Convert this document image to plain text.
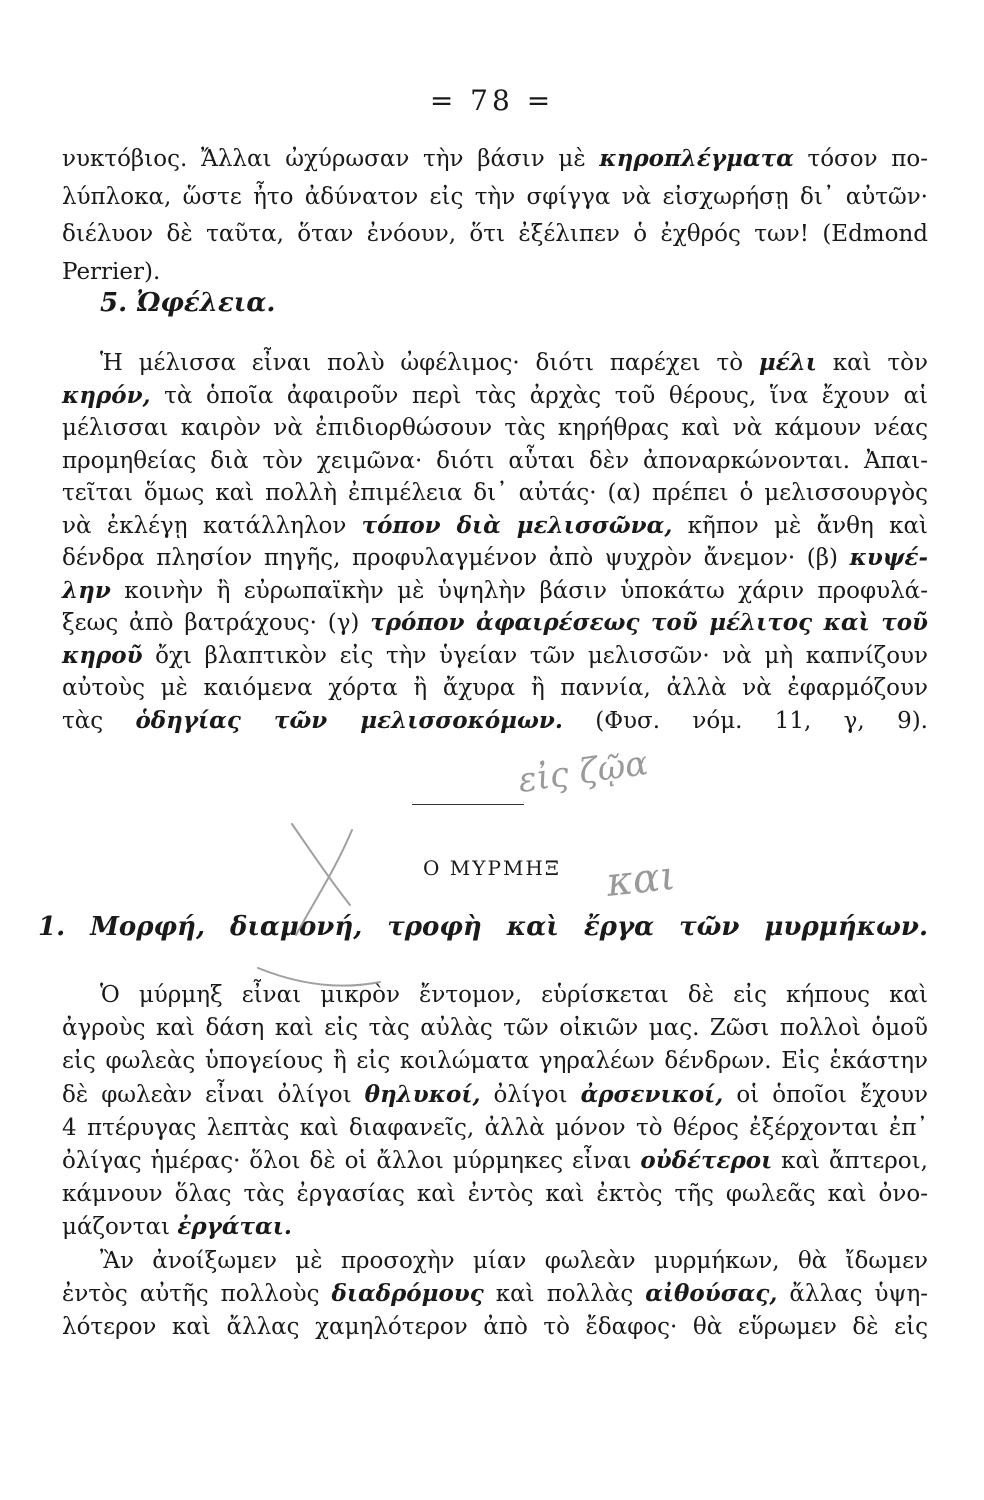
= 78 =
νυκτόβιος. Ἄλλαι ὠχύρωσαν τὴν βάσιν μὲ κηροπλέγματα τόσον πο-
λύπλοκα, ὥστε ἦτο ἀδύνατον εἰς τὴν σφίγγα νὰ εἰσχωρήσῃ δι᾽ αὐτῶν·
διέλυον δὲ ταῦτα, ὅταν ἐνόουν, ὅτι ἐξέλιπεν ὁ ἐχθρός των! (Edmond
Perrier).
5. Ὠφέλεια.
Ἡ μέλισσα εἶναι πολὺ ὠφέλιμος· διότι παρέχει τὸ μέλι καὶ τὸν
κηρόν, τὰ ὁποῖα ἀφαιροῦν περὶ τὰς ἀρχὰς τοῦ θέρους, ἵνα ἔχουν αἱ
μέλισσαι καιρὸν νὰ ἐπιδιορθώσουν τὰς κηρήθρας καὶ νὰ κάμουν νέας
προμηθείας διὰ τὸν χειμῶνα· διότι αὗται δὲν ἀποναρκώνονται. Ἀπαι-
τεῖται ὅμως καὶ πολλὴ ἐπιμέλεια δι᾽ αὐτάς· (α) πρέπει ὁ μελισσουργὸς
νὰ ἐκλέγῃ κατάλληλον τόπον διὰ μελισσῶνα, κῆπον μὲ ἄνθη καὶ
δένδρα πλησίον πηγῆς, προφυλαγμένον ἀπὸ ψυχρὸν ἄνεμον· (β) κυψέ-
λην κοινὴν ἢ εὐρωπαϊκὴν μὲ ὑψηλὴν βάσιν ὑποκάτω χάριν προφυλά-
ξεως ἀπὸ βατράχους· (γ) τρόπον ἀφαιρέσεως τοῦ μέλιτος καὶ τοῦ
κηροῦ ὄχι βλαπτικὸν εἰς τὴν ὑγείαν τῶν μελισσῶν· νὰ μὴ καπνίζουν
αὐτοὺς μὲ καιόμενα χόρτα ἢ ἄχυρα ἢ παννία, ἀλλὰ νὰ ἐφαρμόζουν
τὰς ὁδηγίας τῶν μελισσοκόμων. (Φυσ. νόμ. 11, γ, 9).
Ο ΜΥΡΜΗΞ
1. Μορφή, διαμονή, τροφὴ καὶ ἔργα τῶν μυρμήκων.
Ὁ μύρμηξ εἶναι μικρὸν ἔντομον, εὑρίσκεται δὲ εἰς κήπους καὶ
ἀγροὺς καὶ δάση καὶ εἰς τὰς αὐλὰς τῶν οἰκιῶν μας. Ζῶσι πολλοὶ ὁμοῦ
εἰς φωλεὰς ὑπογείους ἢ εἰς κοιλώματα γηραλέων δένδρων. Εἰς ἑκάστην
δὲ φωλεὰν εἶναι ὀλίγοι θηλυκοί, ὀλίγοι ἀρσενικοί, οἱ ὁποῖοι ἔχουν
4 πτέρυγας λεπτὰς καὶ διαφανεῖς, ἀλλὰ μόνον τὸ θέρος ἐξέρχονται ἐπ᾽
ὀλίγας ἡμέρας· ὅλοι δὲ οἱ ἄλλοι μύρμηκες εἶναι οὐδέτεροι καὶ ἄπτεροι,
κάμνουν ὅλας τὰς ἐργασίας καὶ ἐντὸς καὶ ἐκτὸς τῆς φωλεᾶς καὶ ὀνο-
μάζονται ἐργάται.
Ἂν ἀνοίξωμεν μὲ προσοχὴν μίαν φωλεὰν μυρμήκων, θὰ ἴδωμεν
ἐντὸς αὐτῆς πολλοὺς διαδρόμους καὶ πολλὰς αἰθούσας, ἄλλας ὑψη-
λότερον καὶ ἄλλας χαμηλότερον ἀπὸ τὸ ἔδαφος· θὰ εὕρωμεν δὲ εἰς
εἰς ζῷα
και
